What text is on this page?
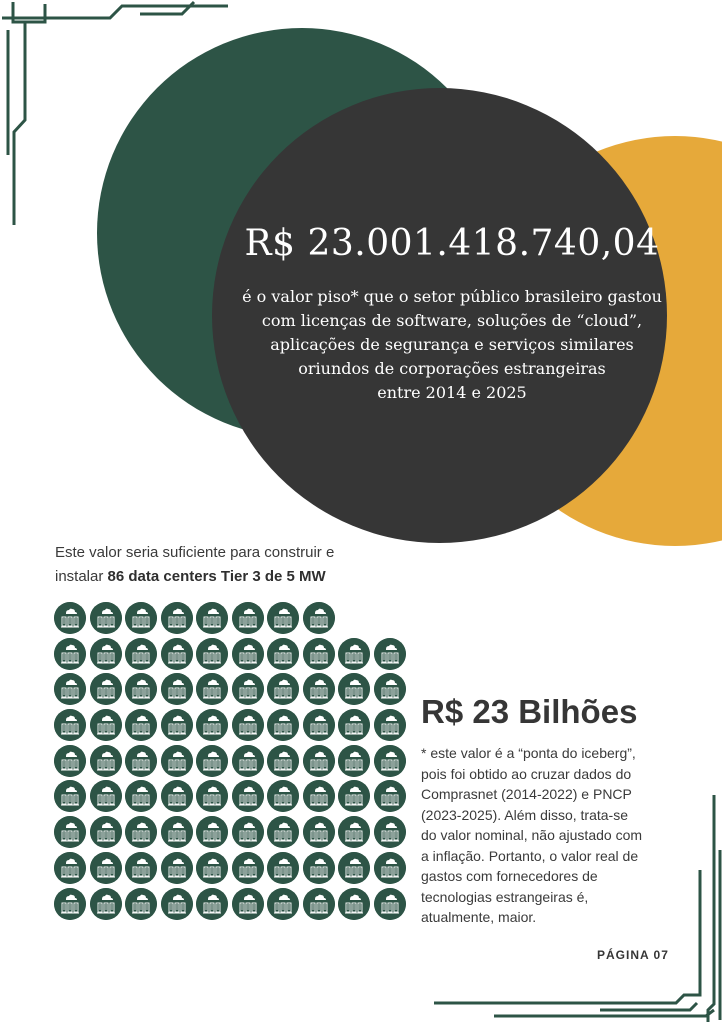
R$ 23.001.418.740,04
é o valor piso* que o setor público brasileiro gastou
com licenças de software, soluções de “cloud”,
aplicações de segurança e serviços similares
oriundos de corporações estrangeiras
entre 2014 e 2025
Este valor seria suficiente para construir e
instalar 86 data centers Tier 3 de 5 MW
R$ 23 Bilhões
* este valor é a “ponta do iceberg”,
pois foi obtido ao cruzar dados do
Comprasnet (2014-2022) e PNCP
(2023-2025). Além disso, trata-se
do valor nominal, não ajustado com
a inflação. Portanto, o valor real de
gastos com fornecedores de
tecnologias estrangeiras é,
atualmente, maior.
PÁGINA 07
